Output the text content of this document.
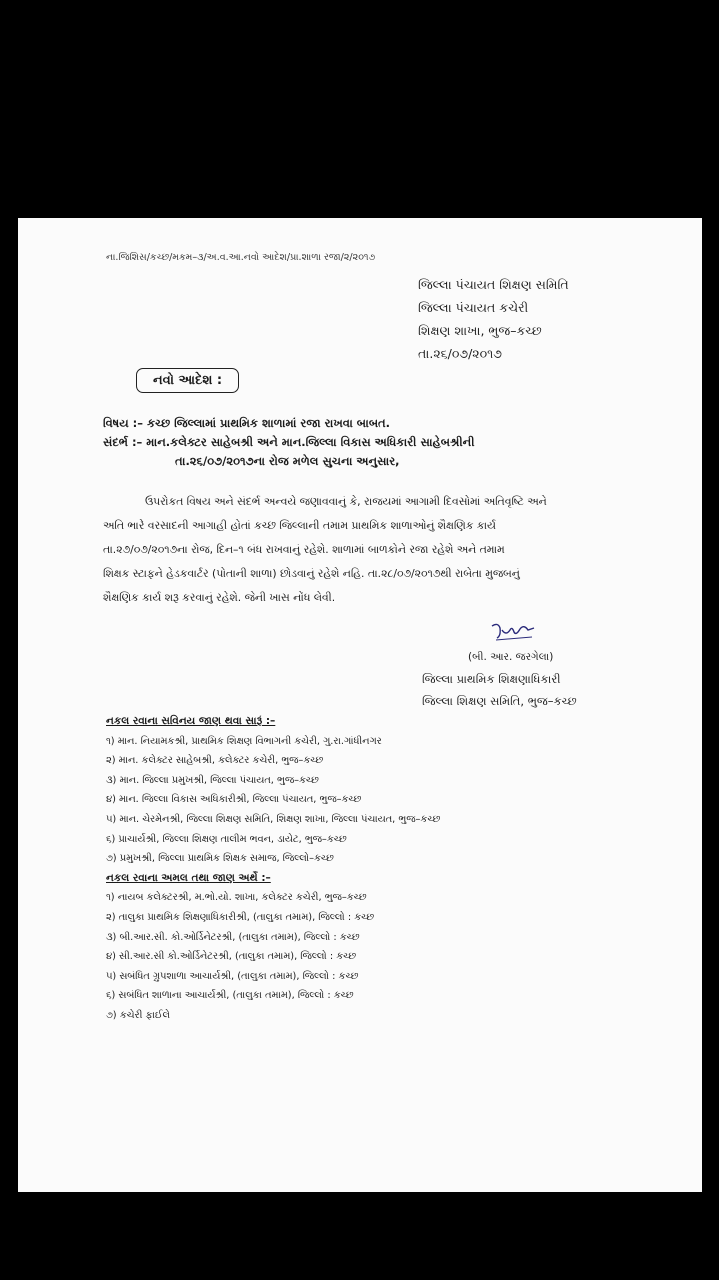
ના.જિશિસ/કચ્છ/મકમ–૩/અ.વ.આ.નવો આદેશ/પ્રા.શાળા રજા/૨/૨૦૧૭
જિલ્લા પંચાયત શિક્ષણ સમિતિ
જિલ્લા પંચાયત કચેરી
શિક્ષણ શાખા, ભુજ–કચ્છ
તા.૨૬/૦૭/૨૦૧૭
નવો આદેશ :
વિષય :– કચ્છ જિલ્લામાં પ્રાથમિક શાળામાં રજા રાખવા બાબત.
સંદર્ભ :– માન.કલેક્ટર સાહેબશ્રી અને માન.જિલ્લા વિકાસ અધિકારી સાહેબશ્રીની
તા.૨૬/૦૭/૨૦૧૭ના રોજ મળેલ સુચના અનુસાર,
ઉપરોકત વિષય અને સંદર્ભ અન્વયે જણાવવાનું કે, રાજયમાં આગામી દિવસોમાં અતિવૃષ્ટિ અને
અતિ ભારે વરસાદની આગાહી હોતાં કચ્છ જિલ્લાની તમામ પ્રાથમિક શાળાઓનું શૈક્ષણિક કાર્ય
તા.૨૭/૦૭/૨૦૧૭ના રોજ, દિન–૧ બંધ રાખવાનું રહેશે. શાળામાં બાળકોને રજા રહેશે અને તમામ
શિક્ષક સ્ટાફને હેડકવાર્ટર (પોતાની શાળા) છોડવાનું રહેશે નહિ. તા.૨૮/૦૭/૨૦૧૭થી રાબેતા મુજબનું
શૈક્ષણિક કાર્ય શરૂ કરવાનું રહેશે. જેની ખાસ નોંધ લેવી.
(બી. આર. જરગેલા)
જિલ્લા પ્રાથમિક શિક્ષણાધિકારી
જિલ્લા શિક્ષણ સમિતિ, ભુજ–કચ્છ
નકલ રવાના સવિનય જાણ થવા સારૂં :–
૧) માન. નિયામકશ્રી, પ્રાથમિક શિક્ષણ વિભાગની કચેરી, ગુ.રા.ગાંધીનગર
૨) માન. કલેક્ટર સાહેબશ્રી, કલેક્ટર કચેરી, ભુજ–કચ્છ
૩) માન. જિલ્લા પ્રમુખશ્રી, જિલ્લા પંચાયત, ભુજ–કચ્છ
૪) માન. જિલ્લા વિકાસ અધિકારીશ્રી, જિલ્લા પંચાયત, ભુજ–કચ્છ
૫) માન. ચેરમેનશ્રી, જિલ્લા શિક્ષણ સમિતિ, શિક્ષણ શાખા, જિલ્લા પંચાયત, ભુજ–કચ્છ
૬) પ્રાચાર્યશ્રી, જિલ્લા શિક્ષણ તાલીમ ભવન, ડાયેટ, ભુજ–કચ્છ
૭) પ્રમુખશ્રી, જિલ્લા પ્રાથમિક શિક્ષક સમાજ, જિલ્લો–કચ્છ
નકલ રવાના અમલ તથા જાણ અર્થે :–
૧) નાયબ કલેક્ટરશ્રી, મ.ભો.યો. શાખા, કલેક્ટર કચેરી, ભુજ–કચ્છ
૨) તાલુકા પ્રાથમિક શિક્ષણાધિકારીશ્રી, (તાલુકા તમામ), જિલ્લો : કચ્છ
૩) બી.આર.સી. કો.ઓર્ડિનેટરશ્રી, (તાલુકા તમામ), જિલ્લો : કચ્છ
૪) સી.આર.સી કો.ઓર્ડિનેટરશ્રી, (તાલુકા તમામ), જિલ્લો : કચ્છ
૫) સબંધિત ગ્રુપશાળા આચાર્યશ્રી, (તાલુકા તમામ), જિલ્લો : કચ્છ
૬) સબંધિત શાળાના આચાર્યશ્રી, (તાલુકા તમામ), જિલ્લો : કચ્છ
૭) કચેરી ફાઈલે
